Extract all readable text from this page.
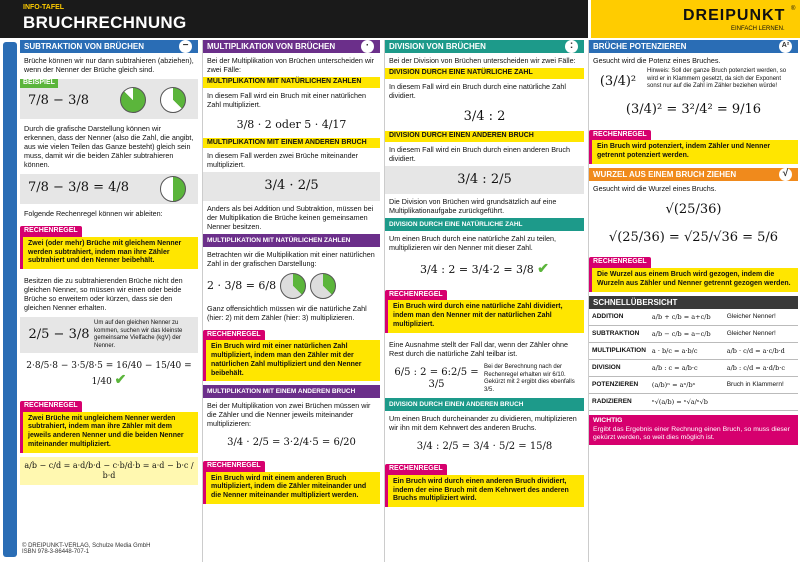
INFO-TAFEL
BRUCHRECHNUNG	DREIPUNKT ®
EINFACH LERNEN.
SUBTRAKTION VON BRÜCHEN	−
Brüche können wir nur dann subtrahieren (abziehen), wenn der Nenner der Brüche gleich sind.
BEISPIEL
7/8 − 3/8
Durch die grafische Darstellung können wir erkennen, dass der Nenner (also die Zahl, die angibt, aus wie vielen Teilen das Ganze besteht) gleich sein muss, damit wir die beiden Zähler subtrahieren können.
7/8 − 3/8 = 4/8
Folgende Rechenregel können wir ableiten:
RECHENREGEL
Zwei (oder mehr) Brüche mit gleichem Nenner werden subtrahiert, indem man ihre Zähler subtrahiert und den Nenner beibehält.
Besitzen die zu subtrahierenden Brüche nicht den gleichen Nenner, so müssen wir einen oder beide Brüche so erweitern oder kürzen, dass sie den gleichen Nenner erhalten.
2/5 − 3/8
Um auf den gleichen Nenner zu kommen, suchen wir das kleinste gemeinsame Vielfache (kgV) der Nenner.
2·8/5·8 − 3·5/8·5 = 16/40 − 15/40 = 1/40 ✔
RECHENREGEL
Zwei Brüche mit ungleichem Nenner werden subtrahiert, indem man ihre Zähler mit dem jeweils anderen Nenner und die beiden Nenner miteinander multipliziert.
a/b − c/d = a·d/b·d − c·b/d·b = a·d − b·c / b·d
MULTIPLIKATION VON BRÜCHEN	·
Bei der Multiplikation von Brüchen unterscheiden wir zwei Fälle:
MULTIPLIKATION MIT NATÜRLICHEN ZAHLEN
In diesem Fall wird ein Bruch mit einer natürlichen Zahl multipliziert.
3/8 · 2 oder 5 · 4/17
MULTIPLIKATION MIT EINEM ANDEREN BRUCH
In diesem Fall werden zwei Brüche miteinander multipliziert.
3/4 · 2/5
Anders als bei Addition und Subtraktion, müssen bei der Multiplikation die Brüche keinen gemeinsamen Nenner besitzen.
MULTIPLIKATION MIT NATÜRLICHEN ZAHLEN
Betrachten wir die Multiplikation mit einer natürlichen Zahl in der grafischen Darstellung:
2 · 3/8 = 6/8
Ganz offensichtlich müssen wir die natürliche Zahl (hier: 2) mit dem Zähler (hier: 3) multiplizieren.
RECHENREGEL
Ein Bruch wird mit einer natürlichen Zahl multipliziert, indem man den Zähler mit der natürlichen Zahl multipliziert und den Nenner beibehält.
MULTIPLIKATION MIT EINEM ANDEREN BRUCH
Bei der Multiplikation von zwei Brüchen müssen wir die Zähler und die Nenner jeweils miteinander multiplizieren:
3/4 · 2/5 = 3·2/4·5 = 6/20
RECHENREGEL
Ein Bruch wird mit einem anderen Bruch multipliziert, indem die Zähler miteinander und die Nenner miteinander multipliziert werden.
DIVISION VON BRÜCHEN	:
Bei der Division von Brüchen unterscheiden wir zwei Fälle:
DIVISION DURCH EINE NATÜRLICHE ZAHL
In diesem Fall wird ein Bruch durch eine natürliche Zahl dividiert.
3/4 : 2
DIVISION DURCH EINEN ANDEREN BRUCH
In diesem Fall wird ein Bruch durch einen anderen Bruch dividiert.
3/4 : 2/5
Die Division von Brüchen wird grundsätzlich auf eine Multiplikationaufgabe zurückgeführt.
DIVISION DURCH EINE NATÜRLICHE ZAHL
Um einen Bruch durch eine natürliche Zahl zu teilen, multiplizieren wir den Nenner mit dieser Zahl.
3/4 : 2 = 3/4·2 = 3/8 ✔
RECHENREGEL
Ein Bruch wird durch eine natürliche Zahl dividiert, indem man den Nenner mit der natürlichen Zahl multipliziert.
Eine Ausnahme stellt der Fall dar, wenn der Zähler ohne Rest durch die natürliche Zahl teilbar ist.
6/5 : 2 = 6:2/5 = 3/5
Bei der Berechnung nach der Rechenregel erhalten wir 6/10. Gekürzt mit 2 ergibt dies ebenfalls 3/5.
DIVISION DURCH EINEN ANDEREN BRUCH
Um einen Bruch durcheinander zu dividieren, multiplizieren wir ihn mit dem Kehrwert des anderen Bruchs.
3/4 : 2/5 = 3/4 · 5/2 = 15/8
RECHENREGEL
Ein Bruch wird durch einen anderen Bruch dividiert, indem der eine Bruch mit dem Kehrwert des anderen Bruchs multipliziert wird.
BRÜCHE POTENZIEREN	A²
Gesucht wird die Potenz eines Bruches.
(3/4)²
Hinweis: Soll der ganze Bruch potenziert werden, so wird er in Klammern gesetzt, da sich der Exponent sonst nur auf die Zahl im Zähler beziehen würde!
(3/4)² = 3²/4² = 9/16
RECHENREGEL
Ein Bruch wird potenziert, indem Zähler und Nenner getrennt potenziert werden.
WURZEL AUS EINEM BRUCH ZIEHEN	√
Gesucht wird die Wurzel eines Bruchs.
√(25/36)
√(25/36) = √25/√36 = 5/6
RECHENREGEL
Die Wurzel aus einem Bruch wird gezogen, indem die Wurzeln aus Zähler und Nenner getrennt gezogen werden.
SCHNELLÜBERSICHT
ADDITION	a/b + c/b = a+c/b	Gleicher Nenner!
SUBTRAKTION	a/b − c/b = a−c/b	Gleicher Nenner!
MULTIPLIKATION	a · b/c = a·b/c	a/b · c/d = a·c/b·d
DIVISION	a/b : c = a/b·c	a/b : c/d = a·d/b·c
POTENZIEREN	(a/b)ⁿ = aⁿ/bⁿ	Bruch in Klammern!
RADIZIEREN	ⁿ√(a/b) = ⁿ√a/ⁿ√b	
WICHTIG
Ergibt das Ergebnis einer Rechnung einen Bruch, so muss dieser gekürzt werden, so weit dies möglich ist.
© DREIPUNKT-VERLAG, Schulze Media GmbH
ISBN 978-3-86448-707-1
